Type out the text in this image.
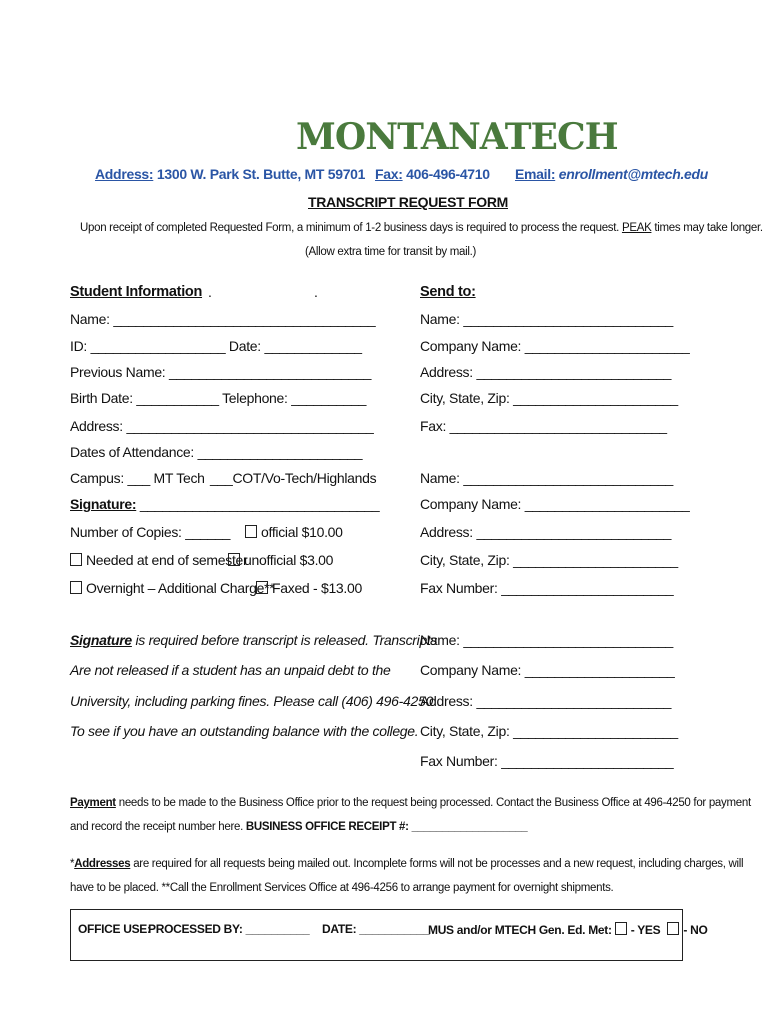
MONTANATECH
Address: 1300 W. Park St. Butte, MT 59701 Fax: 406-496-4710 Email: enrollment@mtech.edu
TRANSCRIPT REQUEST FORM
Upon receipt of completed Requested Form, a minimum of 1-2 business days is required to process the request. PEAK times may take longer.
(Allow extra time for transit by mail.)
Student Information .	.
Name: ___________________________________
ID: __________________ Date: _____________
Previous Name: ___________________________
Birth Date: ___________ Telephone: __________
Address: _________________________________
Dates of Attendance: ______________________
Campus: ___ MT Tech ___COT/Vo-Tech/Highlands
Signature: ________________________________
Number of Copies: ______	official $10.00
Needed at end of semester
unofficial $3.00
Overnight – Additional Charge**
Faxed - $13.00
Send to:
Name: ____________________________
Company Name: ______________________
Address: __________________________
City, State, Zip: ______________________
Fax: _____________________________
Name: ____________________________
Company Name: ______________________
Address: __________________________
City, State, Zip: ______________________
Fax Number: _______________________
Name: ____________________________
Company Name: ____________________
Address: __________________________
City, State, Zip: ______________________
Fax Number: _______________________
Signature is required before transcript is released. Transcripts
Are not released if a student has an unpaid debt to the
University, including parking fines. Please call (406) 496-4250
To see if you have an outstanding balance with the college.
Payment needs to be made to the Business Office prior to the request being processed. Contact the Business Office at 496-4250 for payment
and record the receipt number here. BUSINESS OFFICE RECEIPT #: ___________________
*Addresses are required for all requests being mailed out. Incomplete forms will not be processes and a new request, including charges, will
have to be placed. **Call the Enrollment Services Office at 496-4256 to arrange payment for overnight shipments.
OFFICE USE:
PROCESSED BY: __________ DATE: ___________
MUS and/or MTECH Gen. Ed. Met: - YES - NO
